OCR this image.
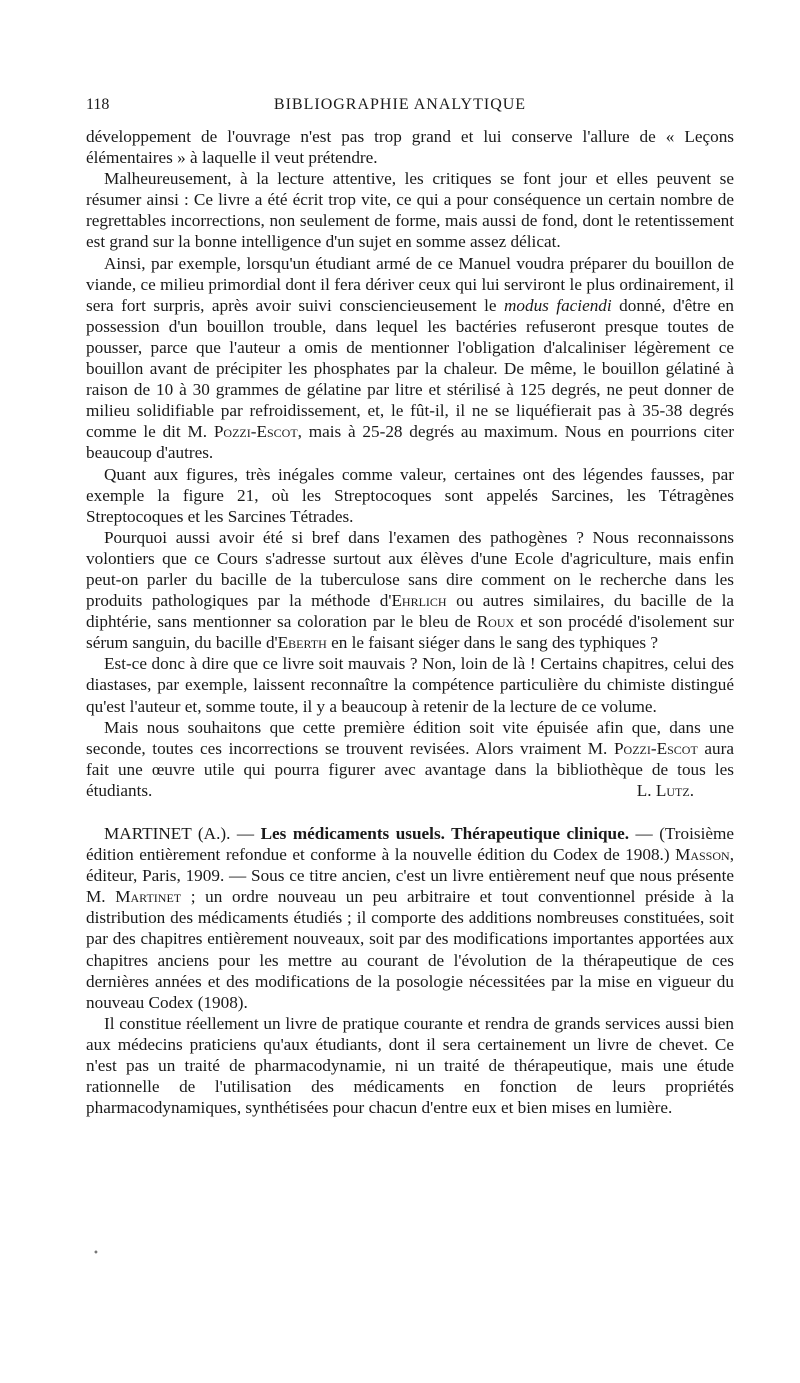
118	BIBLIOGRAPHIE ANALYTIQUE

développement de l'ouvrage n'est pas trop grand et lui conserve l'allure de « Leçons élémentaires » à laquelle il veut prétendre.

Malheureusement, à la lecture attentive, les critiques se font jour et elles peuvent se résumer ainsi : Ce livre a été écrit trop vite, ce qui a pour conséquence un certain nombre de regrettables incorrections, non seulement de forme, mais aussi de fond, dont le retentissement est grand sur la bonne intelligence d'un sujet en somme assez délicat.

Ainsi, par exemple, lorsqu'un étudiant armé de ce Manuel voudra préparer du bouillon de viande, ce milieu primordial dont il fera dériver ceux qui lui serviront le plus ordinairement, il sera fort surpris, après avoir suivi consciencieusement le modus faciendi donné, d'être en possession d'un bouillon trouble, dans lequel les bactéries refuseront presque toutes de pousser, parce que l'auteur a omis de mentionner l'obligation d'alcaliniser légèrement ce bouillon avant de précipiter les phosphates par la chaleur. De même, le bouillon gélatiné à raison de 10 à 30 grammes de gélatine par litre et stérilisé à 125 degrés, ne peut donner de milieu solidifiable par refroidissement, et, le fût-il, il ne se liquéfierait pas à 35-38 degrés comme le dit M. Pozzi-Escot, mais à 25-28 degrés au maximum. Nous en pourrions citer beaucoup d'autres.

Quant aux figures, très inégales comme valeur, certaines ont des légendes fausses, par exemple la figure 21, où les Streptocoques sont appelés Sarcines, les Tétragènes Streptocoques et les Sarcines Tétrades.

Pourquoi aussi avoir été si bref dans l'examen des pathogènes ? Nous reconnaissons volontiers que ce Cours s'adresse surtout aux élèves d'une Ecole d'agriculture, mais enfin peut-on parler du bacille de la tuberculose sans dire comment on le recherche dans les produits pathologiques par la méthode d'Ehrlich ou autres similaires, du bacille de la diphtérie, sans mentionner sa coloration par le bleu de Roux et son procédé d'isolement sur sérum sanguin, du bacille d'Eberth en le faisant siéger dans le sang des typhiques ?

Est-ce donc à dire que ce livre soit mauvais ? Non, loin de là ! Certains chapitres, celui des diastases, par exemple, laissent reconnaître la compétence particulière du chimiste distingué qu'est l'auteur et, somme toute, il y a beaucoup à retenir de la lecture de ce volume.

Mais nous souhaitons que cette première édition soit vite épuisée afin que, dans une seconde, toutes ces incorrections se trouvent revisées. Alors vraiment M. Pozzi-Escot aura fait une œuvre utile qui pourra figurer avec avantage dans la bibliothèque de tous les étudiants.	L. Lutz.

MARTINET (A.). — Les médicaments usuels. Thérapeutique clinique. — (Troisième édition entièrement refondue et conforme à la nouvelle édition du Codex de 1908.) Masson, éditeur, Paris, 1909. — Sous ce titre ancien, c'est un livre entièrement neuf que nous présente M. Martinet ; un ordre nouveau un peu arbitraire et tout conventionnel préside à la distribution des médicaments étudiés ; il comporte des additions nombreuses constituées, soit par des chapitres entièrement nouveaux, soit par des modifications importantes apportées aux chapitres anciens pour les mettre au courant de l'évolution de la thérapeutique de ces dernières années et des modifications de la posologie nécessitées par la mise en vigueur du nouveau Codex (1908).

Il constitue réellement un livre de pratique courante et rendra de grands services aussi bien aux médecins praticiens qu'aux étudiants, dont il sera certainement un livre de chevet. Ce n'est pas un traité de pharmacodynamie, ni un traité de thérapeutique, mais une étude rationnelle de l'utilisation des médicaments en fonction de leurs propriétés pharmacodynamiques, synthétisées pour chacun d'entre eux et bien mises en lumière.

•
